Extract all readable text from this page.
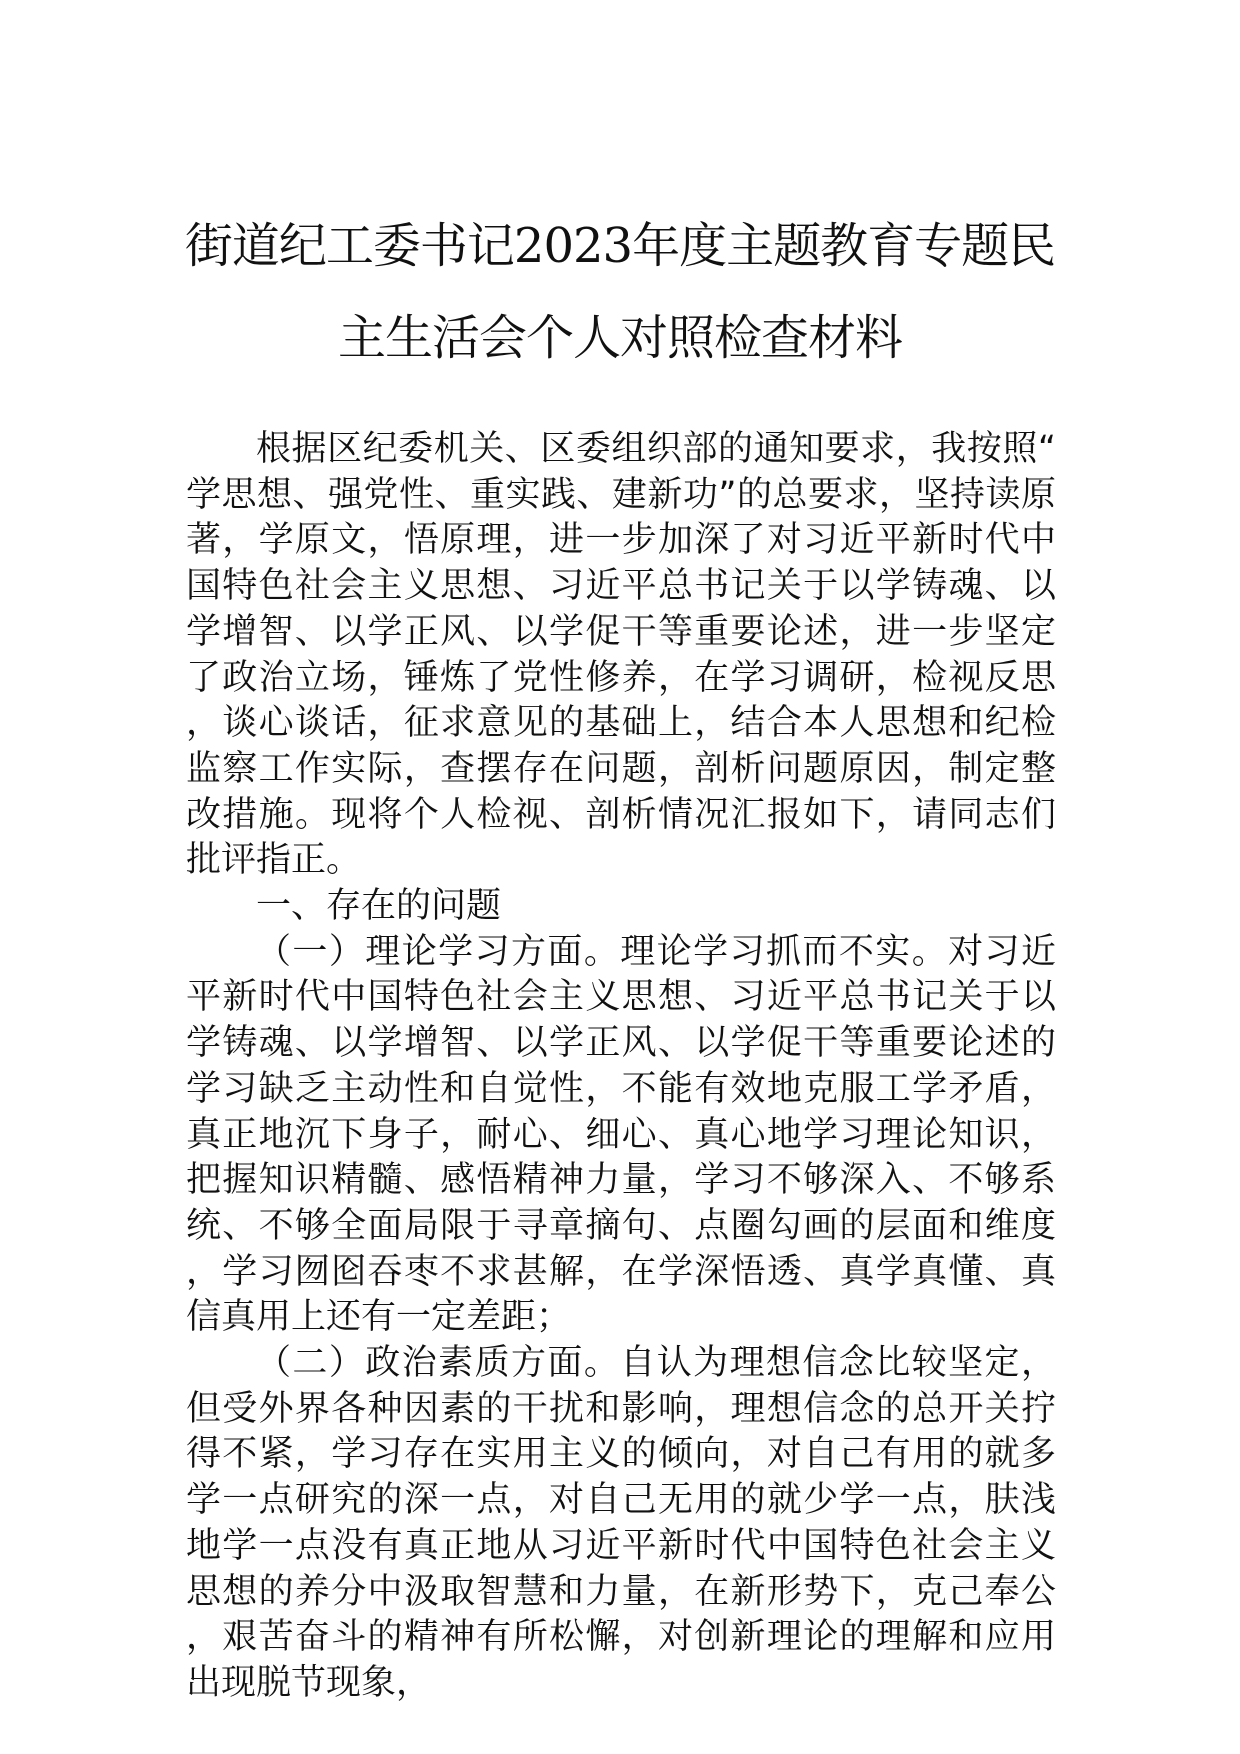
街道纪工委书记2023年度主题教育专题民
主生活会个人对照检查材料

根据区纪委机关、区委组织部的通知要求，我按照“学思想、强党性、重实践、建新功”的总要求，坚持读原著，学原文，悟原理，进一步加深了对习近平新时代中国特色社会主义思想、习近平总书记关于以学铸魂、以学增智、以学正风、以学促干等重要论述，进一步坚定了政治立场，锤炼了党性修养，在学习调研，检视反思，谈心谈话，征求意见的基础上，结合本人思想和纪检监察工作实际，查摆存在问题，剖析问题原因，制定整改措施。现将个人检视、剖析情况汇报如下，请同志们批评指正。

一、存在的问题

（一）理论学习方面。理论学习抓而不实。对习近平新时代中国特色社会主义思想、习近平总书记关于以学铸魂、以学增智、以学正风、以学促干等重要论述的学习缺乏主动性和自觉性，不能有效地克服工学矛盾，真正地沉下身子，耐心、细心、真心地学习理论知识，把握知识精髓、感悟精神力量，学习不够深入、不够系统、不够全面局限于寻章摘句、点圈勾画的层面和维度，学习囫囵吞枣不求甚解，在学深悟透、真学真懂、真信真用上还有一定差距；

（二）政治素质方面。自认为理想信念比较坚定，但受外界各种因素的干扰和影响，理想信念的总开关拧得不紧，学习存在实用主义的倾向，对自己有用的就多学一点研究的深一点，对自己无用的就少学一点，肤浅地学一点没有真正地从习近平新时代中国特色社会主义思想的养分中汲取智慧和力量，在新形势下，克己奉公，艰苦奋斗的精神有所松懈，对创新理论的理解和应用出现脱节现象，
